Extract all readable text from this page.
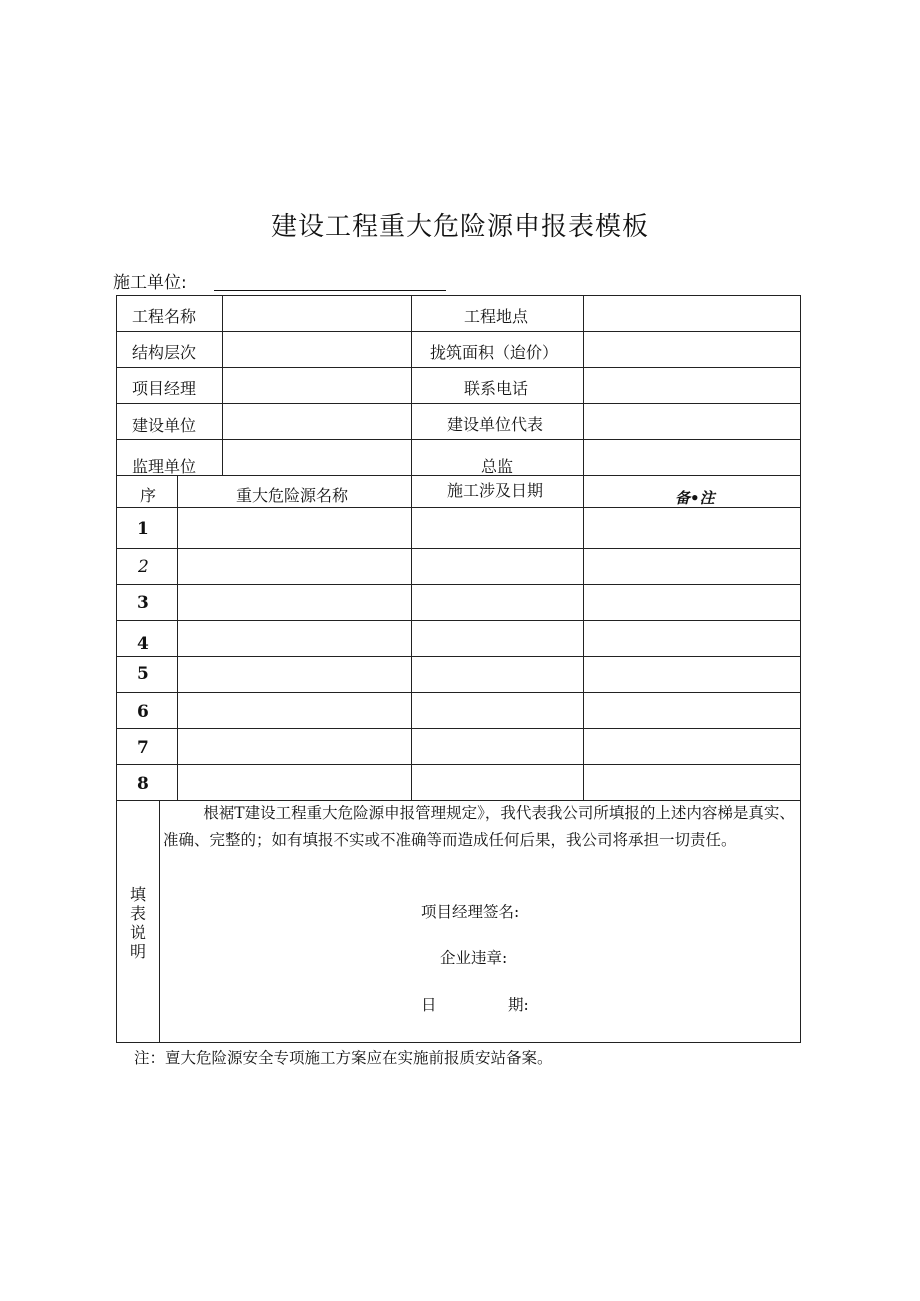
建设工程重大危险源申报表模板
施工单位:
工程名称	工程地点
结构层次	拢筑面积（迨价）
项目经理	联系电话
建设单位	建设单位代表
监理单位	总监
序	重大危险源名称	施工涉及日期	备•注
1
2
3
4
5
6
7
8
填表说明
根裾T建设工程重大危险源申报管理规定》，我代表我公司所填报的上述内容梯是真实、准确、完整的；如有填报不实或不准确等而造成任何后果，我公司将承担一切责任。
项目经理签名:
企业违章:
日	期:
注：亶大危险源安全专项施工方案应在实施前报质安站备案。
